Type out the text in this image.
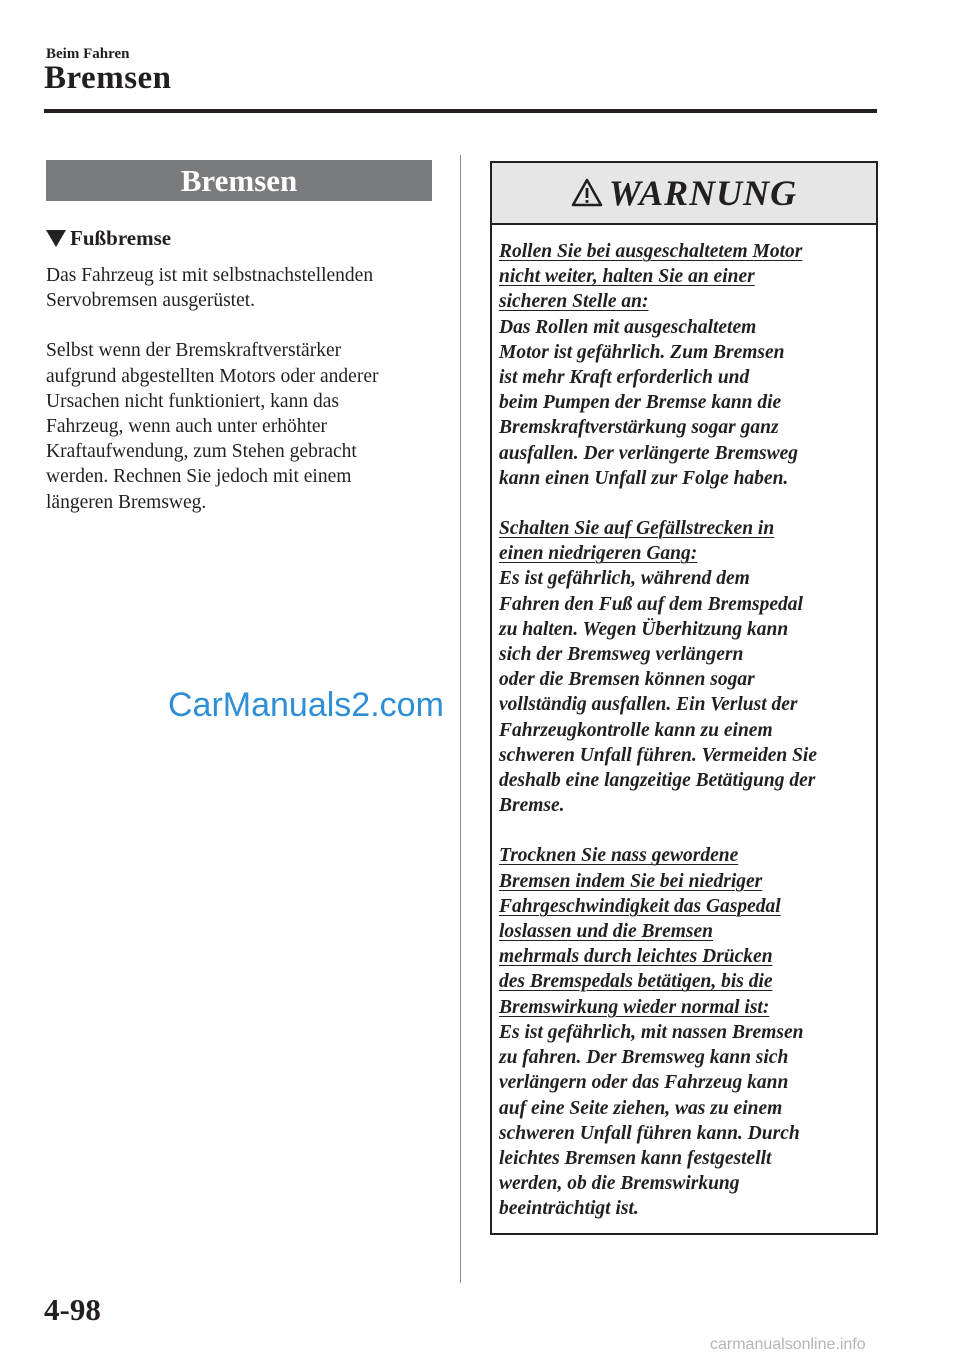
Beim Fahren
Bremsen
Bremsen
Fußbremse

Das Fahrzeug ist mit selbstnachstellenden
Servobremsen ausgerüstet.

Selbst wenn der Bremskraftverstärker
aufgrund abgestellten Motors oder anderer
Ursachen nicht funktioniert, kann das
Fahrzeug, wenn auch unter erhöhter
Kraftaufwendung, zum Stehen gebracht
werden. Rechnen Sie jedoch mit einem
längeren Bremsweg.

WARNUNG
Rollen Sie bei ausgeschaltetem Motor
nicht weiter, halten Sie an einer
sicheren Stelle an:
Das Rollen mit ausgeschaltetem
Motor ist gefährlich. Zum Bremsen
ist mehr Kraft erforderlich und
beim Pumpen der Bremse kann die
Bremskraftverstärkung sogar ganz
ausfallen. Der verlängerte Bremsweg
kann einen Unfall zur Folge haben.
Schalten Sie auf Gefällstrecken in
einen niedrigeren Gang:
Es ist gefährlich, während dem
Fahren den Fuß auf dem Bremspedal
zu halten. Wegen Überhitzung kann
sich der Bremsweg verlängern
oder die Bremsen können sogar
vollständig ausfallen. Ein Verlust der
Fahrzeugkontrolle kann zu einem
schweren Unfall führen. Vermeiden Sie
deshalb eine langzeitige Betätigung der
Bremse.
Trocknen Sie nass gewordene
Bremsen indem Sie bei niedriger
Fahrgeschwindigkeit das Gaspedal
loslassen und die Bremsen
mehrmals durch leichtes Drücken
des Bremspedals betätigen, bis die
Bremswirkung wieder normal ist:
Es ist gefährlich, mit nassen Bremsen
zu fahren. Der Bremsweg kann sich
verlängern oder das Fahrzeug kann
auf eine Seite ziehen, was zu einem
schweren Unfall führen kann. Durch
leichtes Bremsen kann festgestellt
werden, ob die Bremswirkung
beeinträchtigt ist.
CarManuals2.com
4-98
carmanualsonline.info
